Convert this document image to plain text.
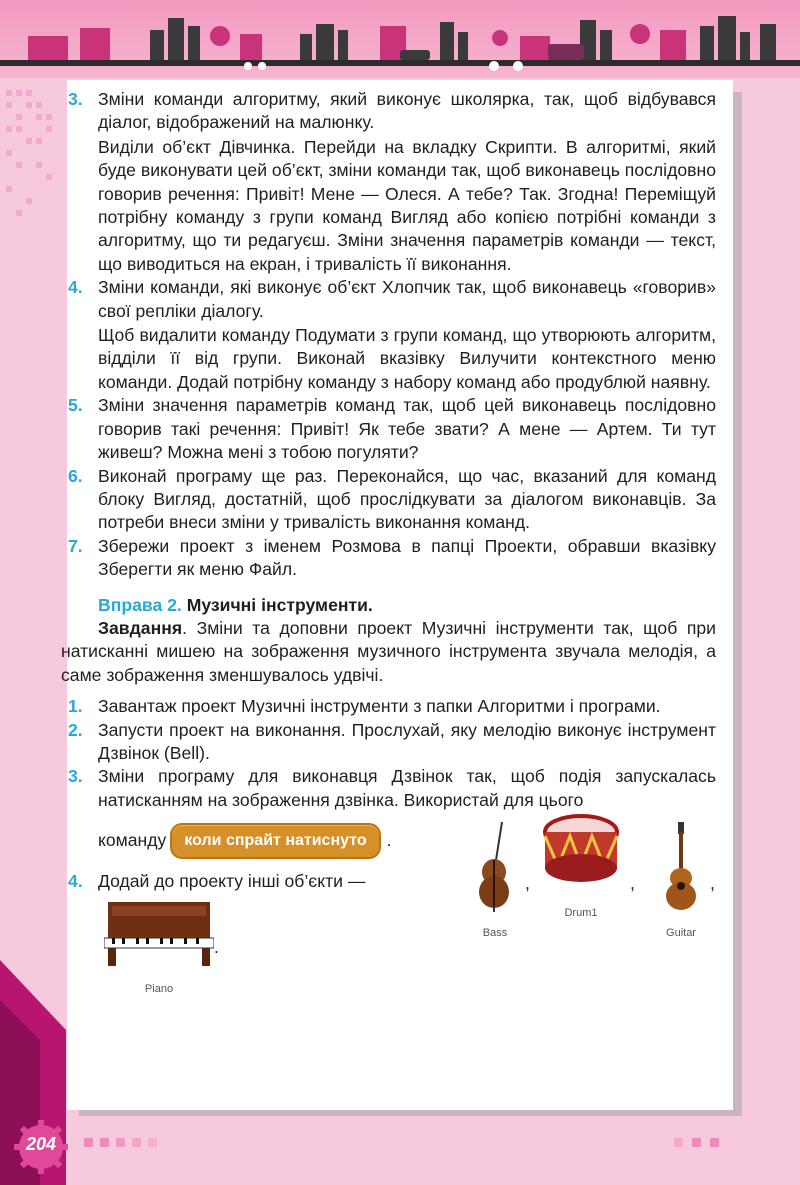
3. Зміни команди алгоритму, який виконує школярка, так, щоб відбувався діалог, відображений на малюнку.

Виділи об’єкт Дівчинка. Перейди на вкладку Скрипти. В алгоритмі, який буде виконувати цей об’єкт, зміни команди так, щоб виконавець послідовно говорив речення: Привіт! Мене — Олеся. А тебе? Так. Згодна! Переміщуй потрібну команду з групи команд Вигляд або копією потрібні команди з алгоритму, що ти редагуєш. Зміни значення параметрів команди — текст, що виводиться на екран, і тривалість її виконання.

4. Зміни команди, які виконує об’єкт Хлопчик так, щоб виконавець «говорив» свої репліки діалогу.

Щоб видалити команду Подумати з групи команд, що утворюють алгоритм, відділи її від групи. Виконай вказівку Вилучити контекстного меню команди. Додай потрібну команду з набору команд або продублюй наявну.

5. Зміни значення параметрів команд так, щоб цей виконавець послідовно говорив такі речення: Привіт! Як тебе звати? А мене — Артем. Ти тут живеш? Можна мені з тобою погуляти?

6. Виконай програму ще раз. Переконайся, що час, вказаний для команд блоку Вигляд, достатній, щоб прослідкувати за діалогом виконавців. За потреби внеси зміни у тривалість виконання команд.

7. Збережи проект з іменем Розмова в папці Проекти, обравши вказівку Зберегти як меню Файл.

Вправа 2. Музичні інструменти.
Завдання. Зміни та доповни проект Музичні інструменти так, щоб при натисканні мишею на зображення музичного інструмента звучала мелодія, а саме зображення зменшувалось удвічі.
1. Завантаж проект Музичні інструменти з папки Алгоритми і програми.

2. Запусти проект на виконання. Прослухай, яку мелодію виконує інструмент Дзвінок (Bell).

3. Зміни програму для виконавця Дзвінок так, щоб подія запускалась натисканням на зображення дзвінка. Використай для цього

команду	коли спрайт натиснуто	.
4. Додай до проекту інші об’єкти —

Bass
,
Drum1
,
Guitar
,
Piano
.
204
